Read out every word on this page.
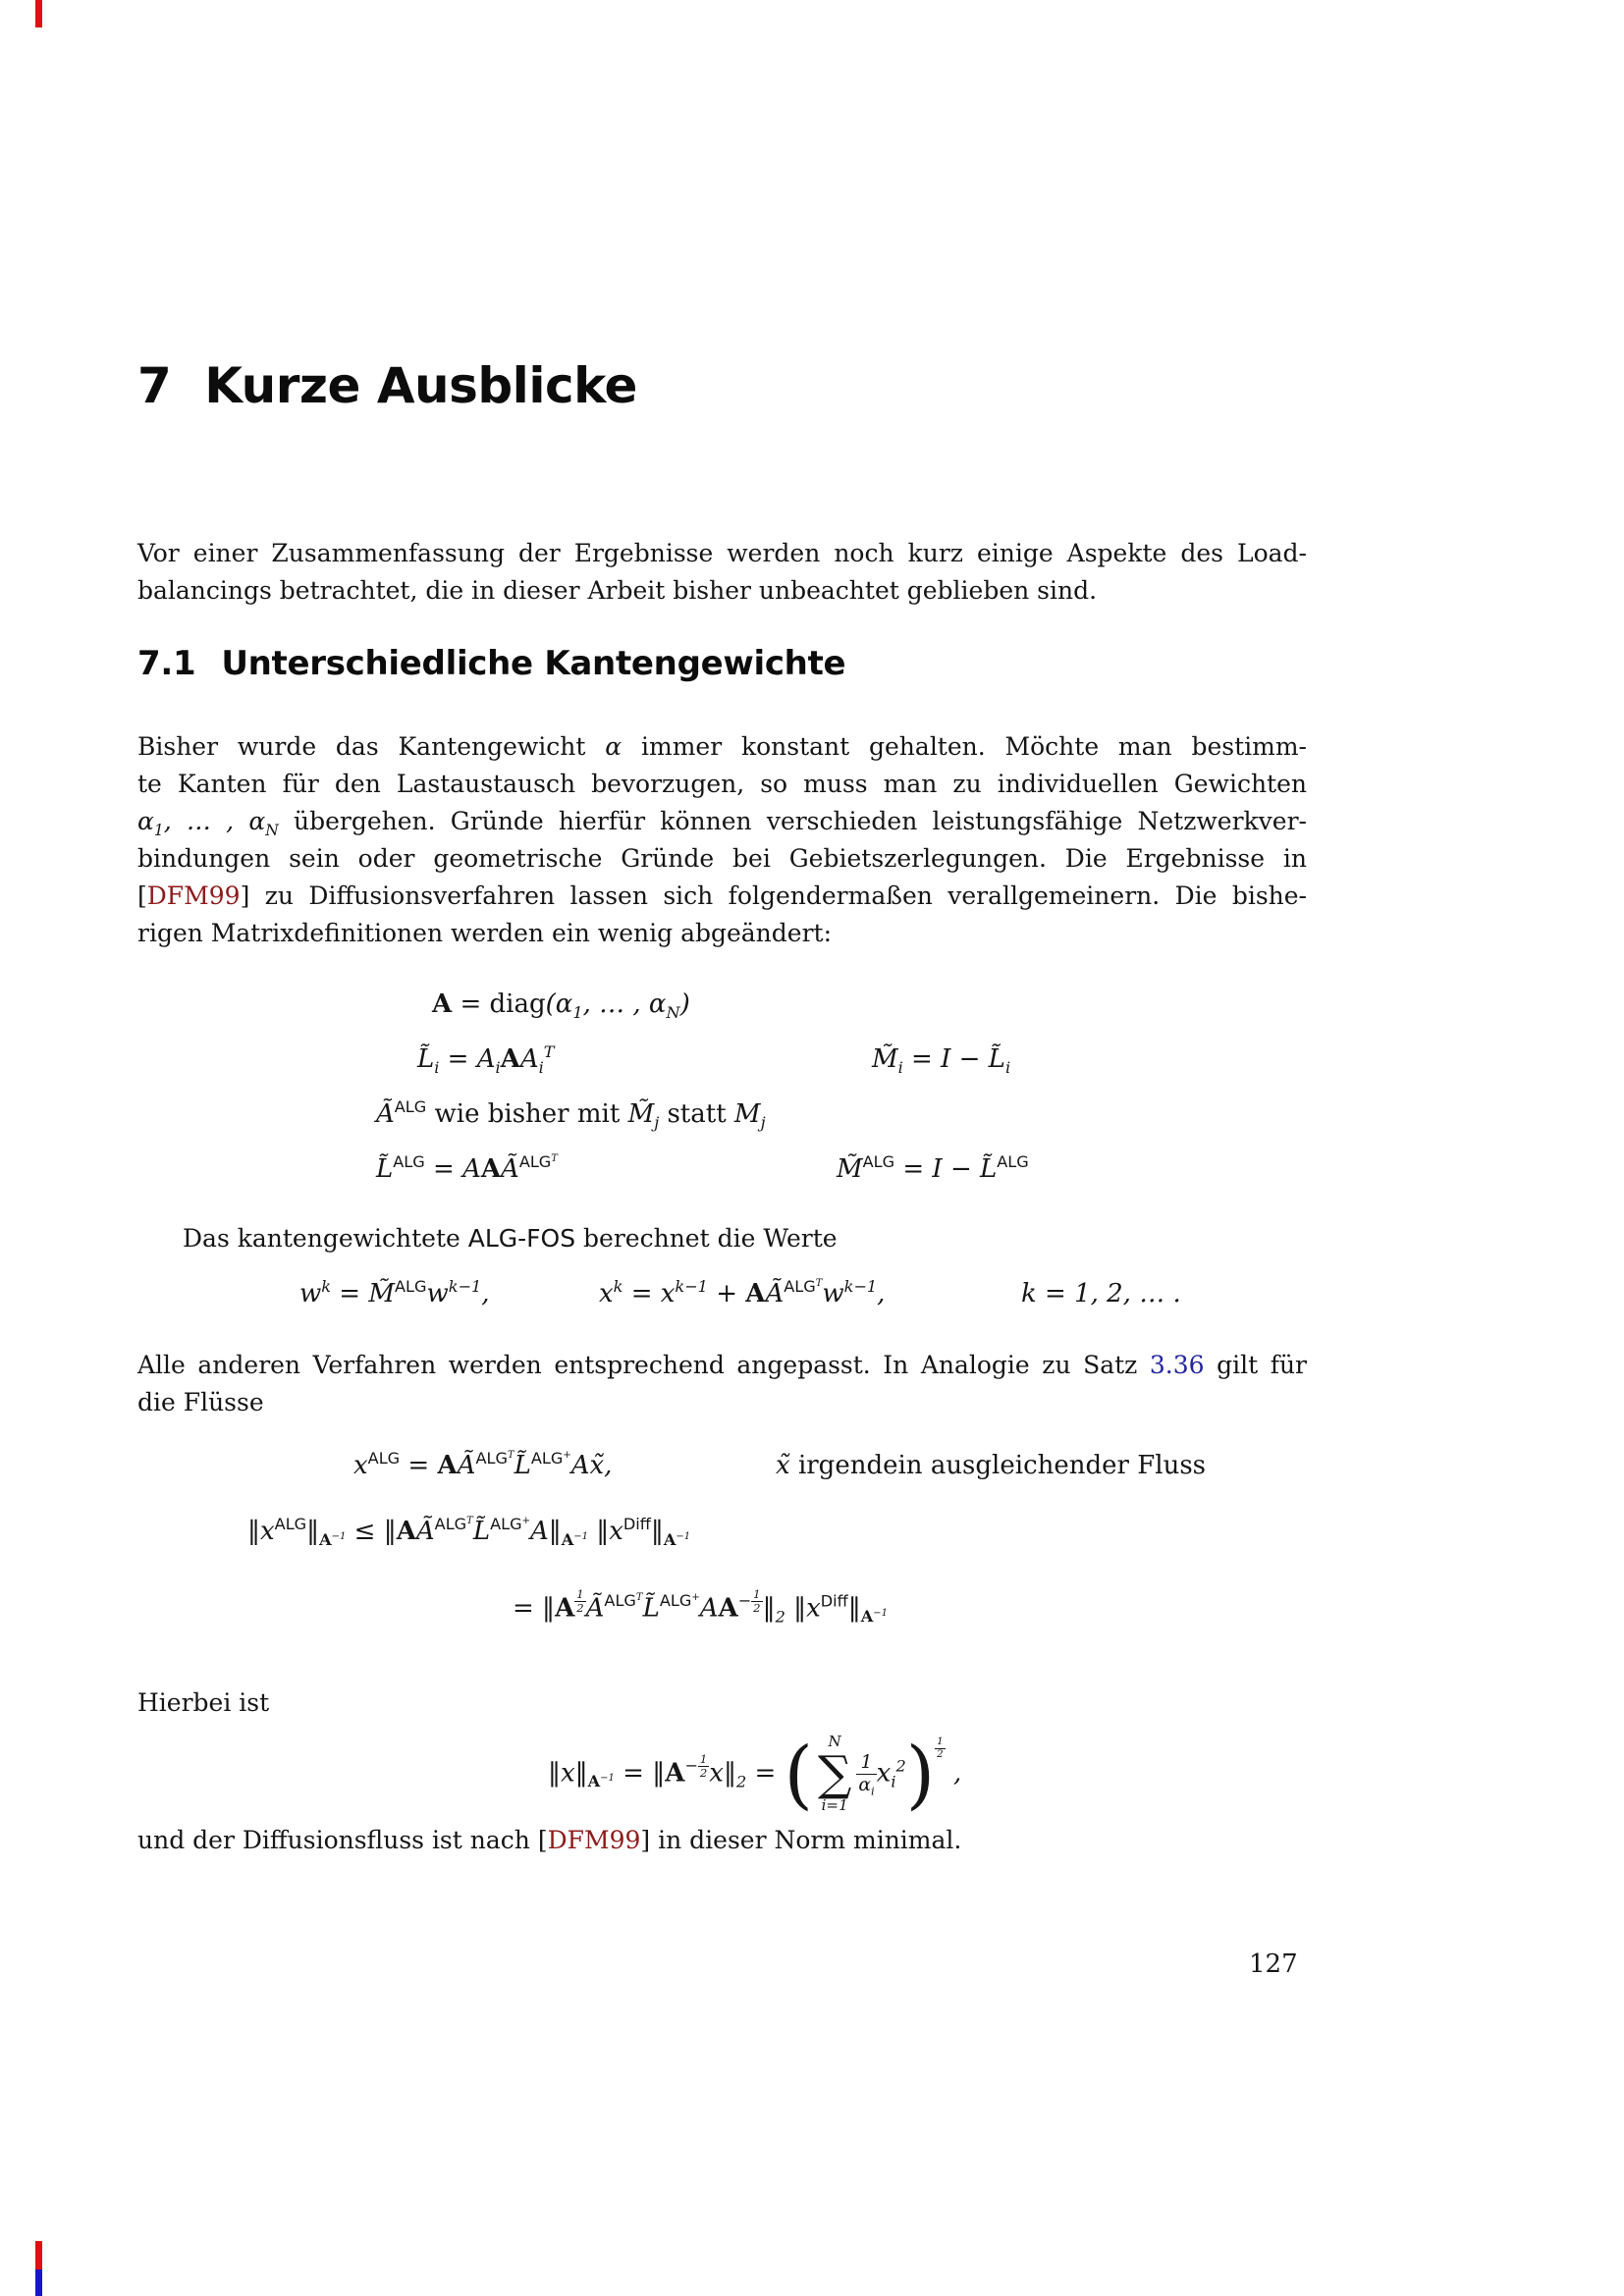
7 Kurze Ausblicke
Vor einer Zusammenfassung der Ergebnisse werden noch kurz einige Aspekte des Load-
balancings betrachtet, die in dieser Arbeit bisher unbeachtet geblieben sind.
7.1 Unterschiedliche Kantengewichte
Bisher wurde das Kantengewicht α immer konstant gehalten. Möchte man bestimm-
te Kanten für den Lastaustausch bevorzugen, so muss man zu individuellen Gewichten
$\alpha_1$, … , $\alpha_N$ übergehen. Gründe hierfür können verschieden leistungsfähige Netzwerkver-
bindungen sein oder geometrische Gründe bei Gebietszerlegungen. Die Ergebnisse in
[DFM99] zu Diffusionsverfahren lassen sich folgendermaßen verallgemeinern. Die bishe-
rigen Matrixdefinitionen werden ein wenig abgeändert:
$A = diag(\alpha_1$, … , $\alpha_N$)
$L̃_i = A_iAA_i^T$	$M̃_i = I$ − $L̃_i$
Ã$^{ALG}$ wie bisher mit $M̃_j$ statt $M_j$
L̃$^{ALG}$ = AAÃ$^{ALG^T}$	M̃$^{ALG}$ = I − L̃$^{ALG}$
Das kantengewichtete ALG-FOS berechnet die Werte
$w^k$ = $M̃^{ALG}w^{k-1}$,	$x^k = x^{k-1}$ + $AÃ^{ALG^T}w^{k-1}$,	k = 1, 2, … .
Alle anderen Verfahren werden entsprechend angepasst. In Analogie zu Satz 3.36 gilt für
die Flüsse
$x^{ALG}$ = AÃ$^{ALG^T}$L̃$^{ALG^+}$Ax̃,	x̃ irgendein ausgleichender Fluss
$‖x^{ALG}‖_{A^{-1}}$ ≤ $‖AÃ^{ALG^T}L̃^{ALG^+}A‖_{A^{-1}}$ $‖x^{Diff}‖_{A^{-1}}$
= ‖A $^{\frac{1}{2}}$ $Ã^{ALG^T}L̃^{ALG^+}AA^{- \frac{1}{2}}$ $‖_2$ $‖x^{Diff}‖_{A^{-1}}$
Hierbei ist
$‖x‖_{A^{-1}}$ = $‖A^{- \frac{1}{2}}$ $x‖_2$ = ( N
∑
i=1
$\frac{1}{\alpha_i} x_i^2$) $^{\frac{1}{2}}$
,
und der Diffusionsfluss ist nach [DFM99] in dieser Norm minimal.
127
